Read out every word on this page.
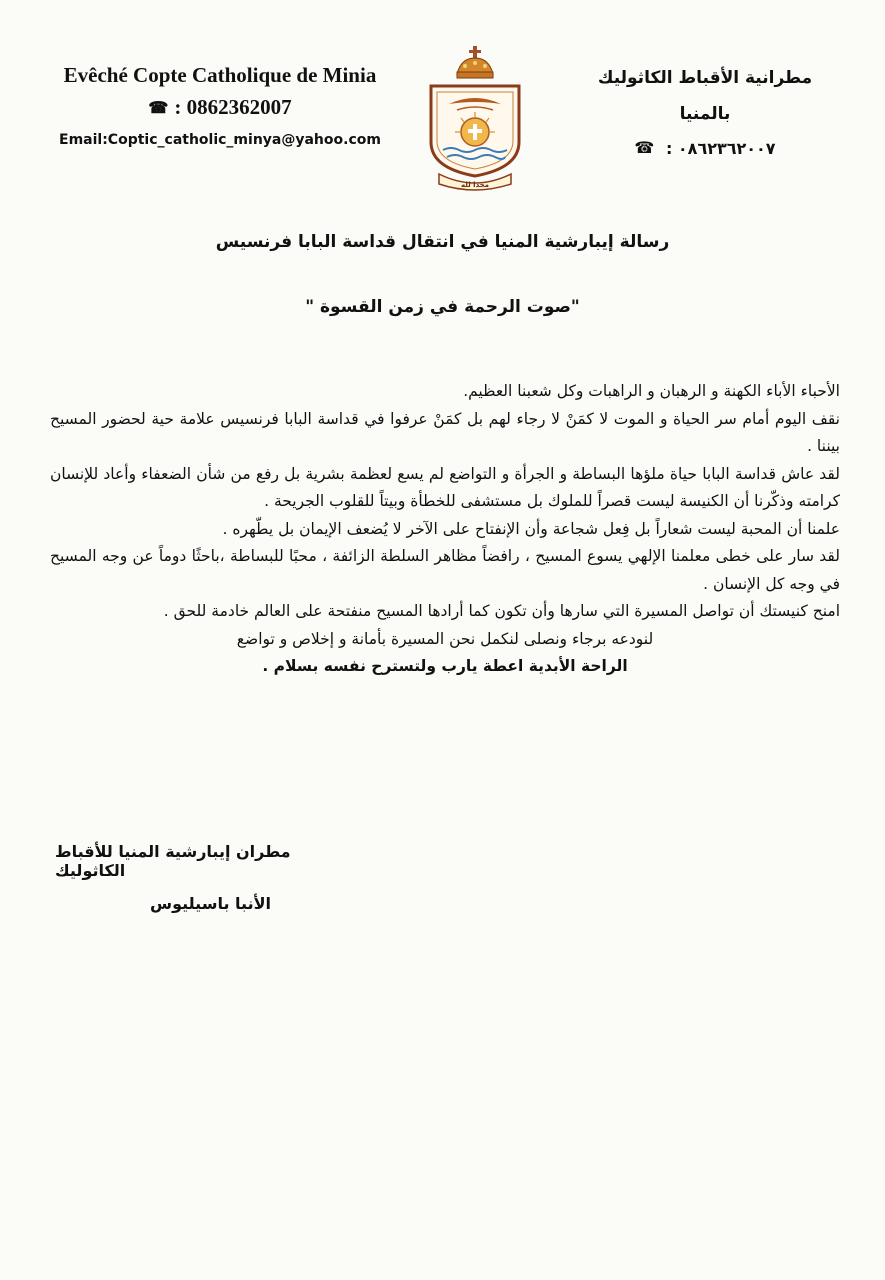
Evêché Copte Catholique de Minia
☎ : 0862362007
Email:Coptic_catholic_minya@yahoo.com
مجدا لله
مطرانية الأقباط الكاثوليك
بالمنيا
٠٨٦٢٣٦٢٠٠٧ : ☎
رسالة إيبارشية المنيا في انتقال قداسة البابا فرنسيس
"صوت الرحمة في زمن القسوة "

الأحباء الأباء الكهنة و الرهبان و الراهبات وكل شعبنا العظيم.

نقف اليوم أمام سر الحياة و الموت لا كمَنْ لا رجاء لهم بل كمَنْ عرفوا في قداسة البابا فرنسيس علامة حية لحضور المسيح بيننا .

لقد عاش قداسة البابا حياة ملؤها البساطة و الجرأة و التواضع لم يسع لعظمة بشرية بل رفع من شأن الضعفاء وأعاد للإنسان كرامته وذكّرنا أن الكنيسة ليست قصراً للملوك بل مستشفى للخطأة وبيتاً للقلوب الجريحة .

علمنا أن المحبة ليست شعاراً بل فِعل شجاعة وأن الإنفتاح على الآخر لا يُضعف الإيمان بل يطّهره .

لقد سار على خطى معلمنا الإلهي يسوع المسيح ، رافضاً مظاهر السلطة الزائفة ، محبًا للبساطة ،باحثًا دوماً عن وجه المسيح في وجه كل الإنسان .

امنح كنيستك أن تواصل المسيرة التي سارها وأن تكون كما أرادها المسيح منفتحة على العالم خادمة للحق .

لنودعه برجاء ونصلى لنكمل نحن المسيرة بأمانة و إخلاص و تواضع

الراحة الأبدية اعطة يارب ولتسترح نفسه بسلام .

مطران إيبارشية المنيا للأقباط الكاثوليك
الأنبا باسيليوس
